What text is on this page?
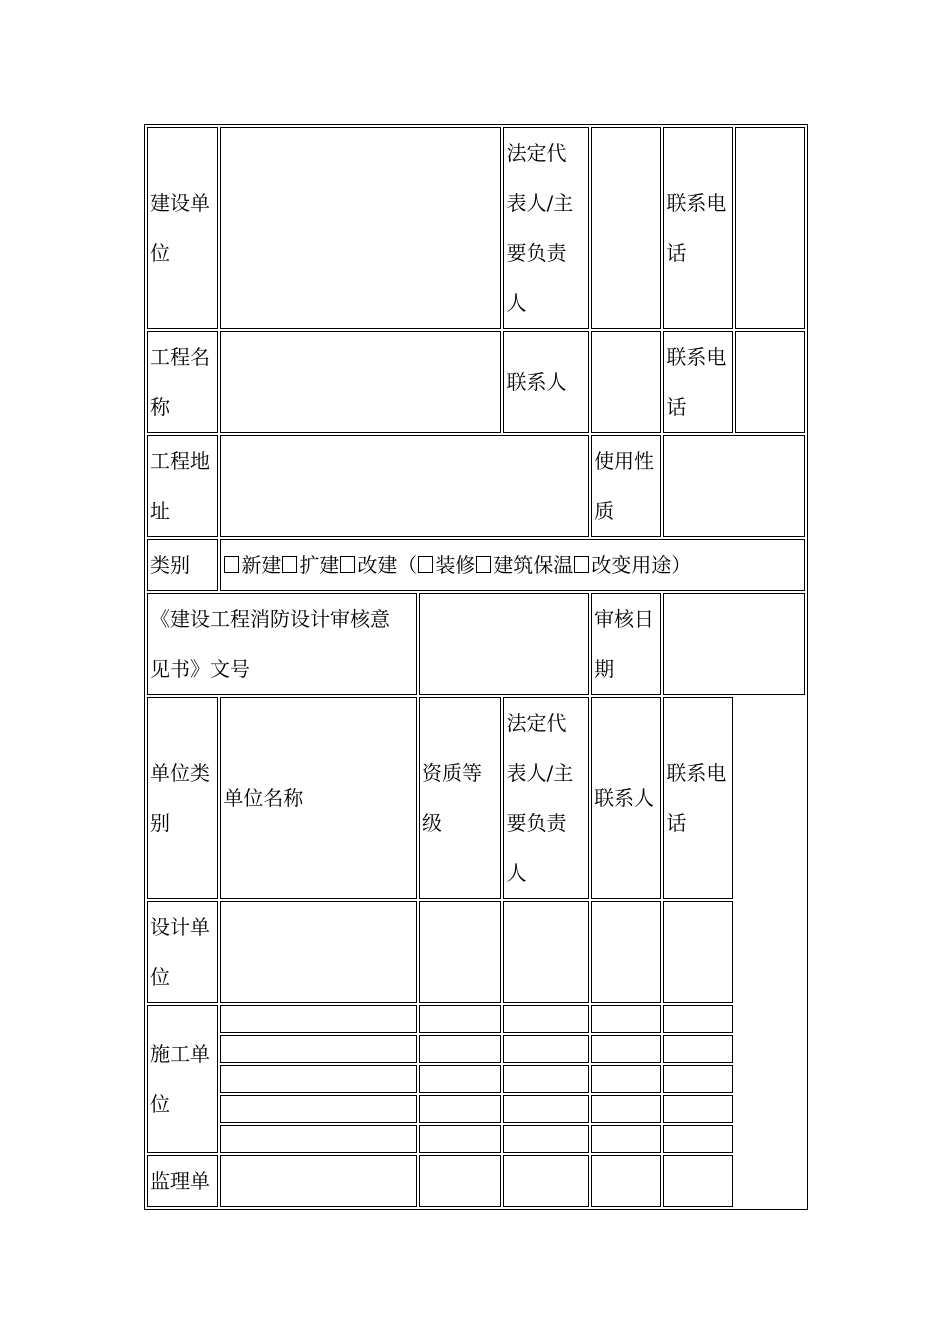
建设单位			法定代表人/主要负责人		联系电话	
工程名称			联系人		联系电话	
工程地址				使用性质		
类别	新建 扩建 改建（ 装修 建筑保温 改变用途）					

《建设工程消防设计审核意见书》文号				审核日期		
单位类别	单位名称	资质等级	法定代表人/主要负责人	联系人	联系电话	
设计单位						
施工单位						

监理单						
